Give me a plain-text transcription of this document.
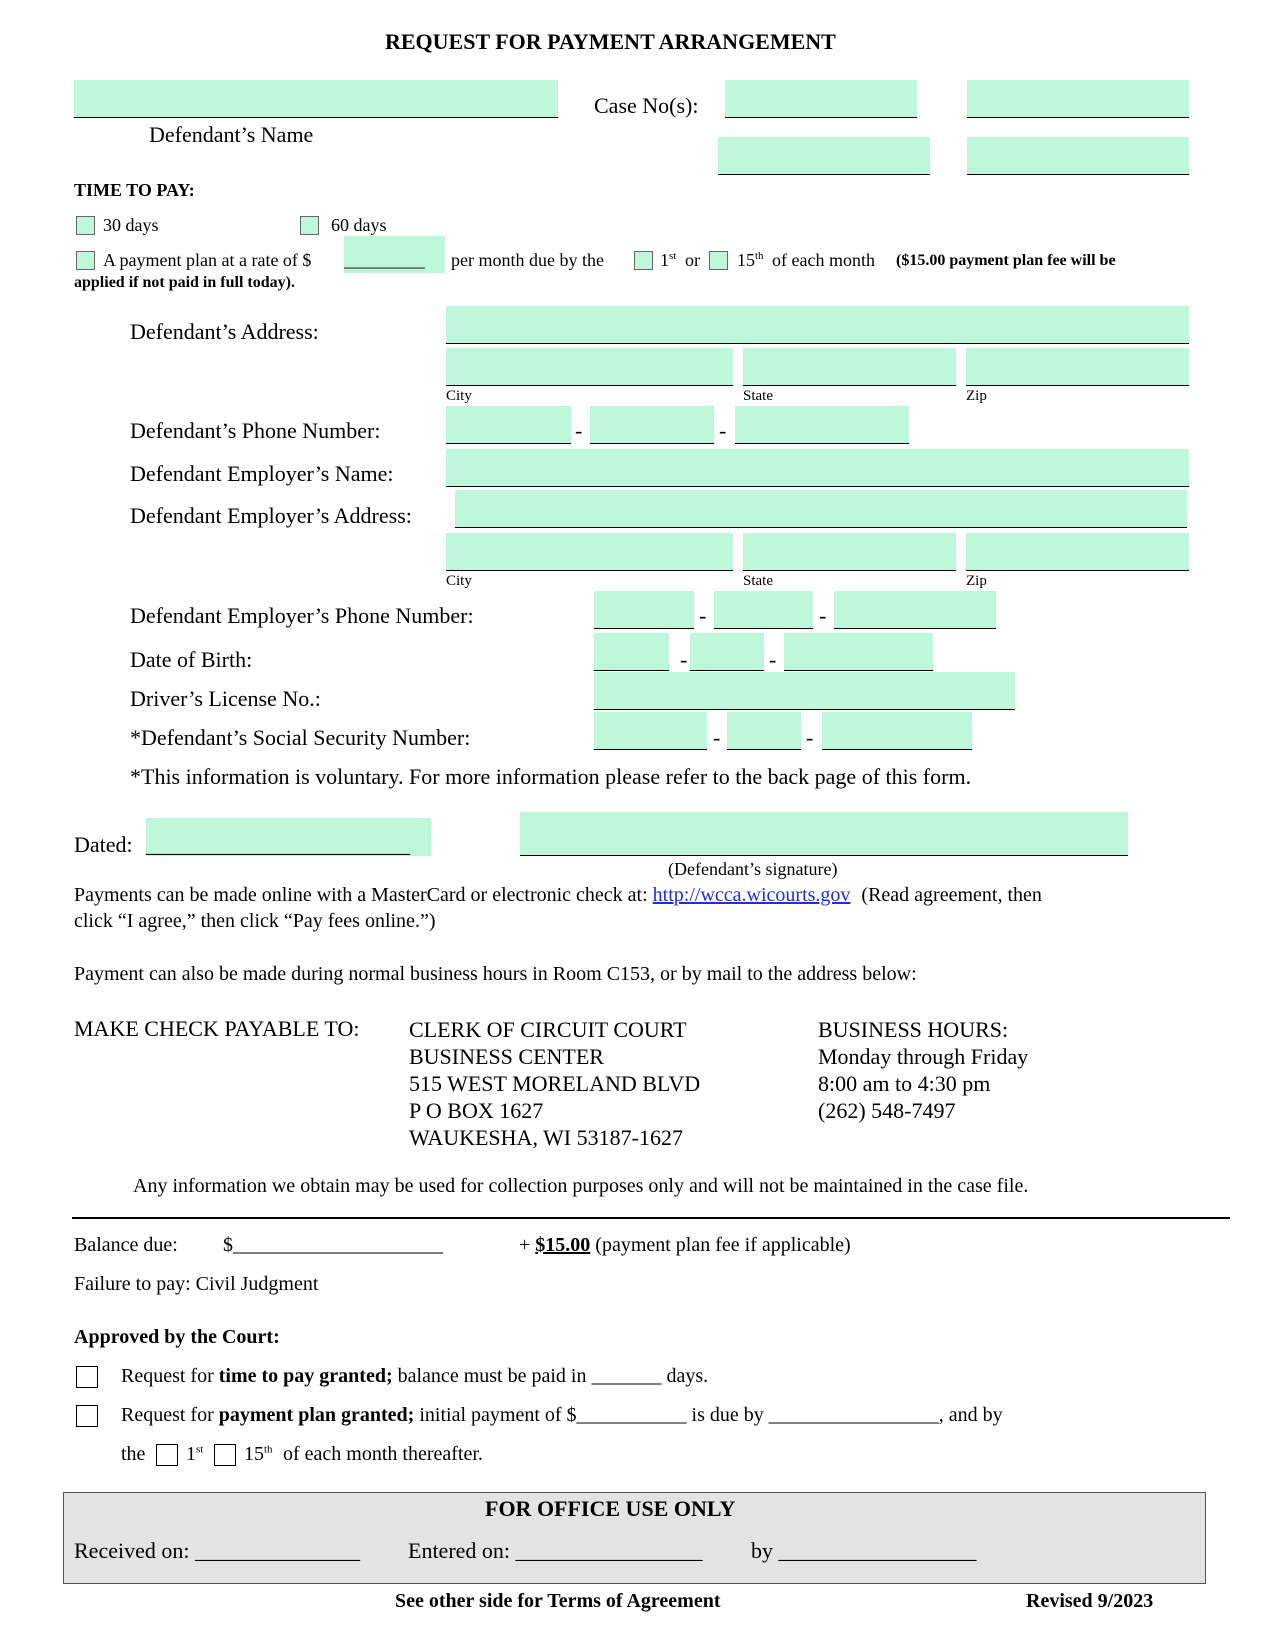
REQUEST FOR PAYMENT ARRANGEMENT
Defendant’s Name
Case No(s):
TIME TO PAY:
30 days	60 days
A payment plan at a rate of $ _________ per month due by the	1st or 15th of each month ($15.00 payment plan fee will be
applied if not paid in full today).
Defendant’s Address:
City	State	Zip
Defendant’s Phone Number:	-	-
Defendant Employer’s Name:
Defendant Employer’s Address:
City	State	Zip
Defendant Employer’s Phone Number:	-	-
Date of Birth:	-	-
Driver’s License No.:
*Defendant’s Social Security Number:	-	-
*This information is voluntary. For more information please refer to the back page of this form.
Dated: ________________________
(Defendant’s signature)
Payments can be made online with a MasterCard or electronic check at: http://wcca.wicourts.gov (Read agreement, then
click “I agree,” then click “Pay fees online.”)
Payment can also be made during normal business hours in Room C153, or by mail to the address below:
MAKE CHECK PAYABLE TO: CLERK OF CIRCUIT COURT
BUSINESS CENTER
515 WEST MORELAND BLVD
P O BOX 1627
WAUKESHA, WI 53187-1627
BUSINESS HOURS:
Monday through Friday
8:00 am to 4:30 pm
(262) 548-7497
Any information we obtain may be used for collection purposes only and will not be maintained in the case file.
Balance due: $_____________________	+ $15.00 (payment plan fee if applicable)
Failure to pay: Civil Judgment
Approved by the Court:
Request for time to pay granted; balance must be paid in _______ days.
Request for payment plan granted; initial payment of $___________ is due by _________________, and by
the 1st 15th of each month thereafter.
FOR OFFICE USE ONLY
Received on: _______________ Entered on: _________________ by __________________
See other side for Terms of Agreement	Revised 9/2023
